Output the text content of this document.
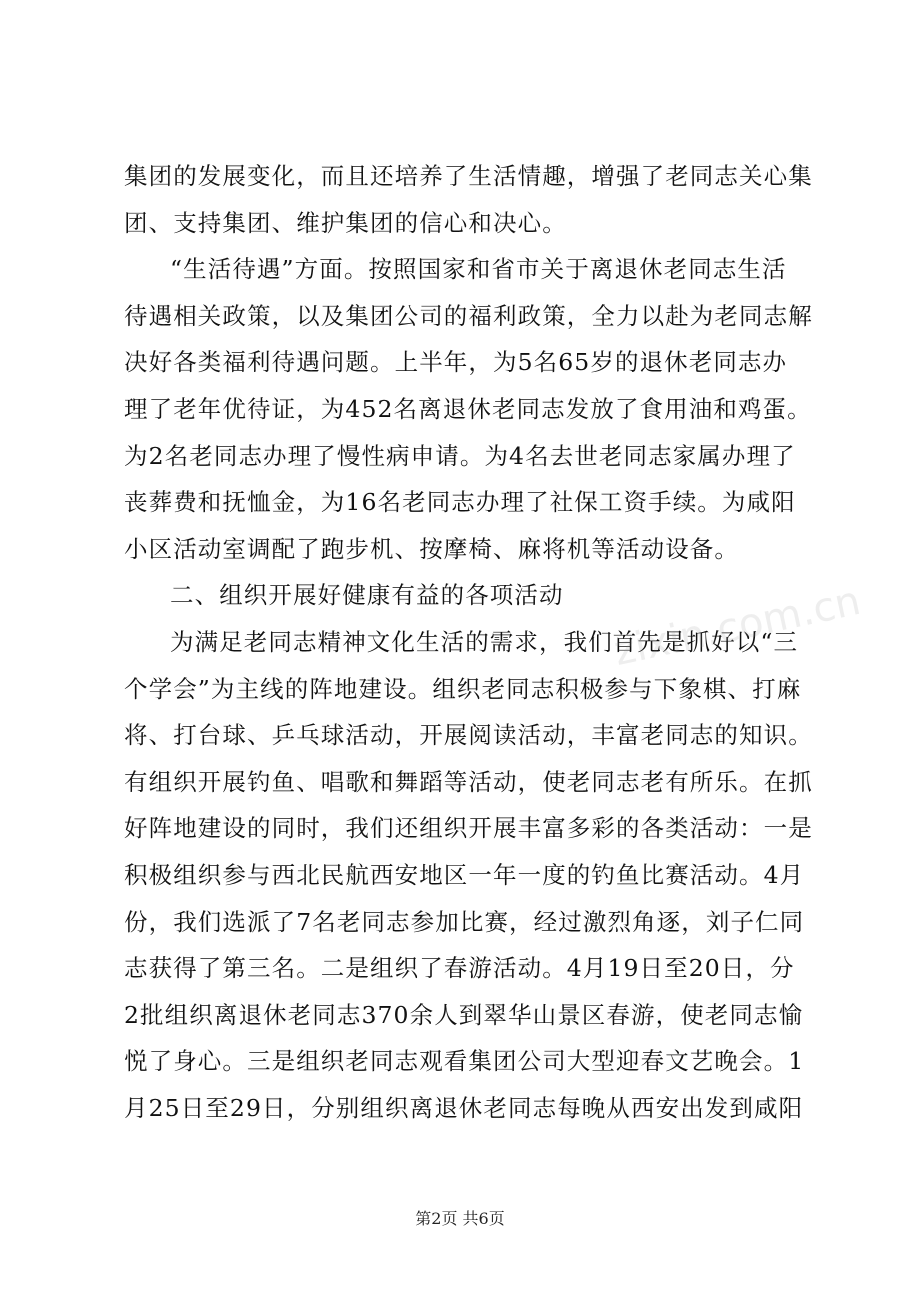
集团的发展变化，而且还培养了生活情趣，增强了老同志关心集
团、支持集团、维护集团的信心和决心。
“生活待遇”方面。按照国家和省市关于离退休老同志生活
待遇相关政策，以及集团公司的福利政策，全力以赴为老同志解
决好各类福利待遇问题。上半年，为5名65岁的退休老同志办
理了老年优待证，为452名离退休老同志发放了食用油和鸡蛋。
为2名老同志办理了慢性病申请。为4名去世老同志家属办理了
丧葬费和抚恤金，为16名老同志办理了社保工资手续。为咸阳
小区活动室调配了跑步机、按摩椅、麻将机等活动设备。
二、组织开展好健康有益的各项活动
为满足老同志精神文化生活的需求，我们首先是抓好以“三
个学会”为主线的阵地建设。组织老同志积极参与下象棋、打麻
将、打台球、乒乓球活动，开展阅读活动，丰富老同志的知识。
有组织开展钓鱼、唱歌和舞蹈等活动，使老同志老有所乐。在抓
好阵地建设的同时，我们还组织开展丰富多彩的各类活动：一是
积极组织参与西北民航西安地区一年一度的钓鱼比赛活动。4月
份，我们选派了7名老同志参加比赛，经过激烈角逐，刘子仁同
志获得了第三名。二是组织了春游活动。4月19日至20日，分
2批组织离退休老同志370余人到翠华山景区春游，使老同志愉
悦了身心。三是组织老同志观看集团公司大型迎春文艺晚会。1
月25日至29日，分别组织离退休老同志每晚从西安出发到咸阳
zixin.com.cn
第2页 共6页
